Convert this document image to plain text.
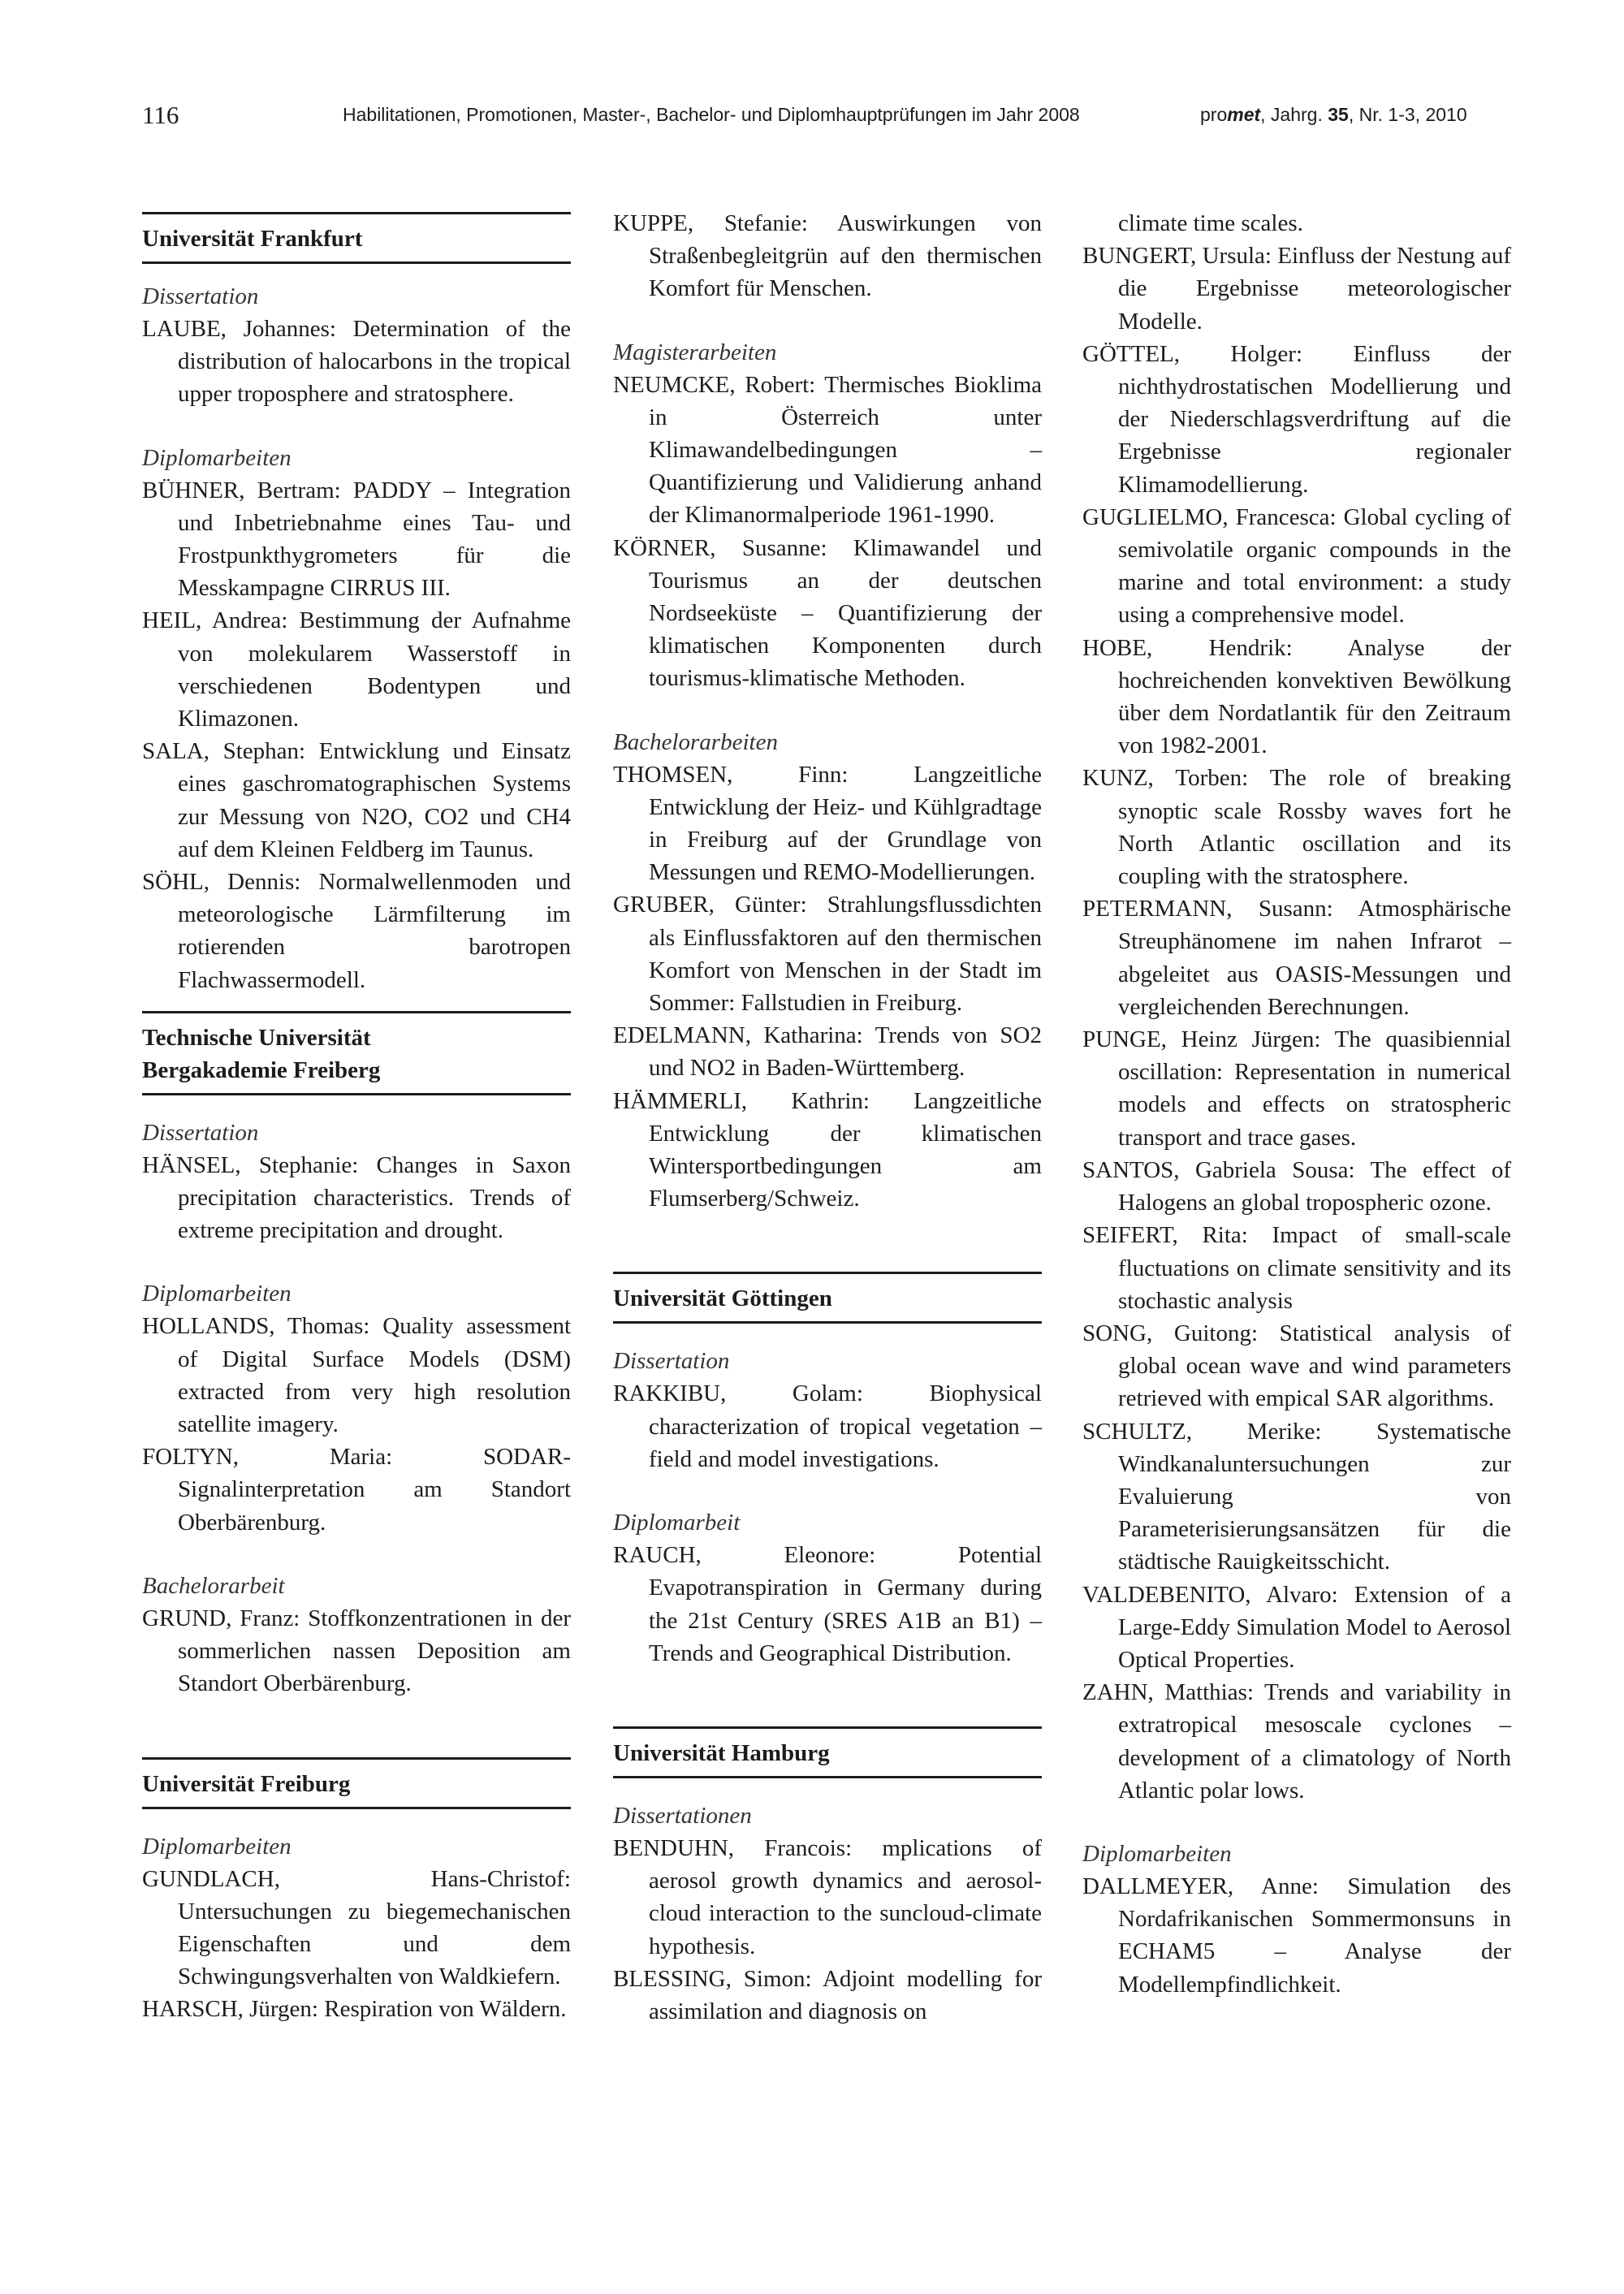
116	Habilitationen, Promotionen, Master-, Bachelor- und Diplomhauptprüfungen im Jahr 2008	promet, Jahrg. 35, Nr. 1-3, 2010
Universität Frankfurt
Dissertation
LAUBE, Johannes: Determination of the distribution of halocarbons in the tropical upper troposphere and stratosphere.
Diplomarbeiten
BÜHNER, Bertram: PADDY – Integration und Inbetriebnahme eines Tau- und Frostpunkthygrometers für die Messkampagne CIRRUS III.
HEIL, Andrea: Bestimmung der Aufnahme von molekularem Wasserstoff in verschiedenen Bodentypen und Klimazonen.
SALA, Stephan: Entwicklung und Einsatz eines gaschromatographischen Systems zur Messung von N2O, CO2 und CH4 auf dem Kleinen Feldberg im Taunus.
SÖHL, Dennis: Normalwellenmoden und meteorologische Lärmfilterung im rotierenden barotropen Flachwassermodell.
Technische Universität
Bergakademie Freiberg
Dissertation
HÄNSEL, Stephanie: Changes in Saxon precipitation characteristics. Trends of extreme precipitation and drought.
Diplomarbeiten
HOLLANDS, Thomas: Quality assessment of Digital Surface Models (DSM) extracted from very high resolution satellite imagery.
FOLTYN, Maria: SODAR-Signalinterpretation am Standort Oberbärenburg.
Bachelorarbeit
GRUND, Franz: Stoffkonzentrationen in der sommerlichen nassen Deposition am Standort Oberbärenburg.
Universität Freiburg
Diplomarbeiten
GUNDLACH, Hans-Christof: Untersuchungen zu biegemechanischen Eigenschaften und dem Schwingungsverhalten von Waldkiefern.
HARSCH, Jürgen: Respiration von Wäldern.
KUPPE, Stefanie: Auswirkungen von Straßenbegleitgrün auf den thermischen Komfort für Menschen.
Magisterarbeiten
NEUMCKE, Robert: Thermisches Bioklima in Österreich unter Klimawandelbedingungen – Quantifizierung und Validierung anhand der Klimanormalperiode 1961-1990.
KÖRNER, Susanne: Klimawandel und Tourismus an der deutschen Nordseeküste – Quantifizierung der klimatischen Komponenten durch tourismus-klimatische Methoden.
Bachelorarbeiten
THOMSEN, Finn: Langzeitliche Entwicklung der Heiz- und Kühlgradtage in Freiburg auf der Grundlage von Messungen und REMO-Modellierungen.
GRUBER, Günter: Strahlungsflussdichten als Einflussfaktoren auf den thermischen Komfort von Menschen in der Stadt im Sommer: Fallstudien in Freiburg.
EDELMANN, Katharina: Trends von SO2 und NO2 in Baden-Württemberg.
HÄMMERLI, Kathrin: Langzeitliche Entwicklung der klimatischen Wintersportbedingungen am Flumserberg/Schweiz.
Universität Göttingen
Dissertation
RAKKIBU, Golam: Biophysical characterization of tropical vegetation – field and model investigations.
Diplomarbeit
RAUCH, Eleonore: Potential Evapotranspiration in Germany during the 21st Century (SRES A1B an B1) – Trends and Geographical Distribution.
Universität Hamburg
Dissertationen
BENDUHN, Francois: mplications of aerosol growth dynamics and aerosol-cloud interaction to the suncloud-climate hypothesis.
BLESSING, Simon: Adjoint modelling for assimilation and diagnosis on
climate time scales.
BUNGERT, Ursula: Einfluss der Nestung auf die Ergebnisse meteorologischer Modelle.
GÖTTEL, Holger: Einfluss der nichthydrostatischen Modellierung und der Niederschlagsverdriftung auf die Ergebnisse regionaler Klimamodellierung.
GUGLIELMO, Francesca: Global cycling of semivolatile organic compounds in the marine and total environment: a study using a comprehensive model.
HOBE, Hendrik: Analyse der hochreichenden konvektiven Bewölkung über dem Nordatlantik für den Zeitraum von 1982-2001.
KUNZ, Torben: The role of breaking synoptic scale Rossby waves fort he North Atlantic oscillation and its coupling with the stratosphere.
PETERMANN, Susann: Atmosphärische Streuphänomene im nahen Infrarot – abgeleitet aus OASIS-Messungen und vergleichenden Berechnungen.
PUNGE, Heinz Jürgen: The quasibiennial oscillation: Representation in numerical models and effects on stratospheric transport and trace gases.
SANTOS, Gabriela Sousa: The effect of Halogens an global tropospheric ozone.
SEIFERT, Rita: Impact of small-scale fluctuations on climate sensitivity and its stochastic analysis
SONG, Guitong: Statistical analysis of global ocean wave and wind parameters retrieved with empical SAR algorithms.
SCHULTZ, Merike: Systematische Windkanaluntersuchungen zur Evaluierung von Parameterisierungsansätzen für die städtische Rauigkeitsschicht.
VALDEBENITO, Alvaro: Extension of a Large-Eddy Simulation Model to Aerosol Optical Properties.
ZAHN, Matthias: Trends and variability in extratropical mesoscale cyclones – development of a climatology of North Atlantic polar lows.
Diplomarbeiten
DALLMEYER, Anne: Simulation des Nordafrikanischen Sommermonsuns in ECHAM5 – Analyse der Modellempfindlichkeit.
